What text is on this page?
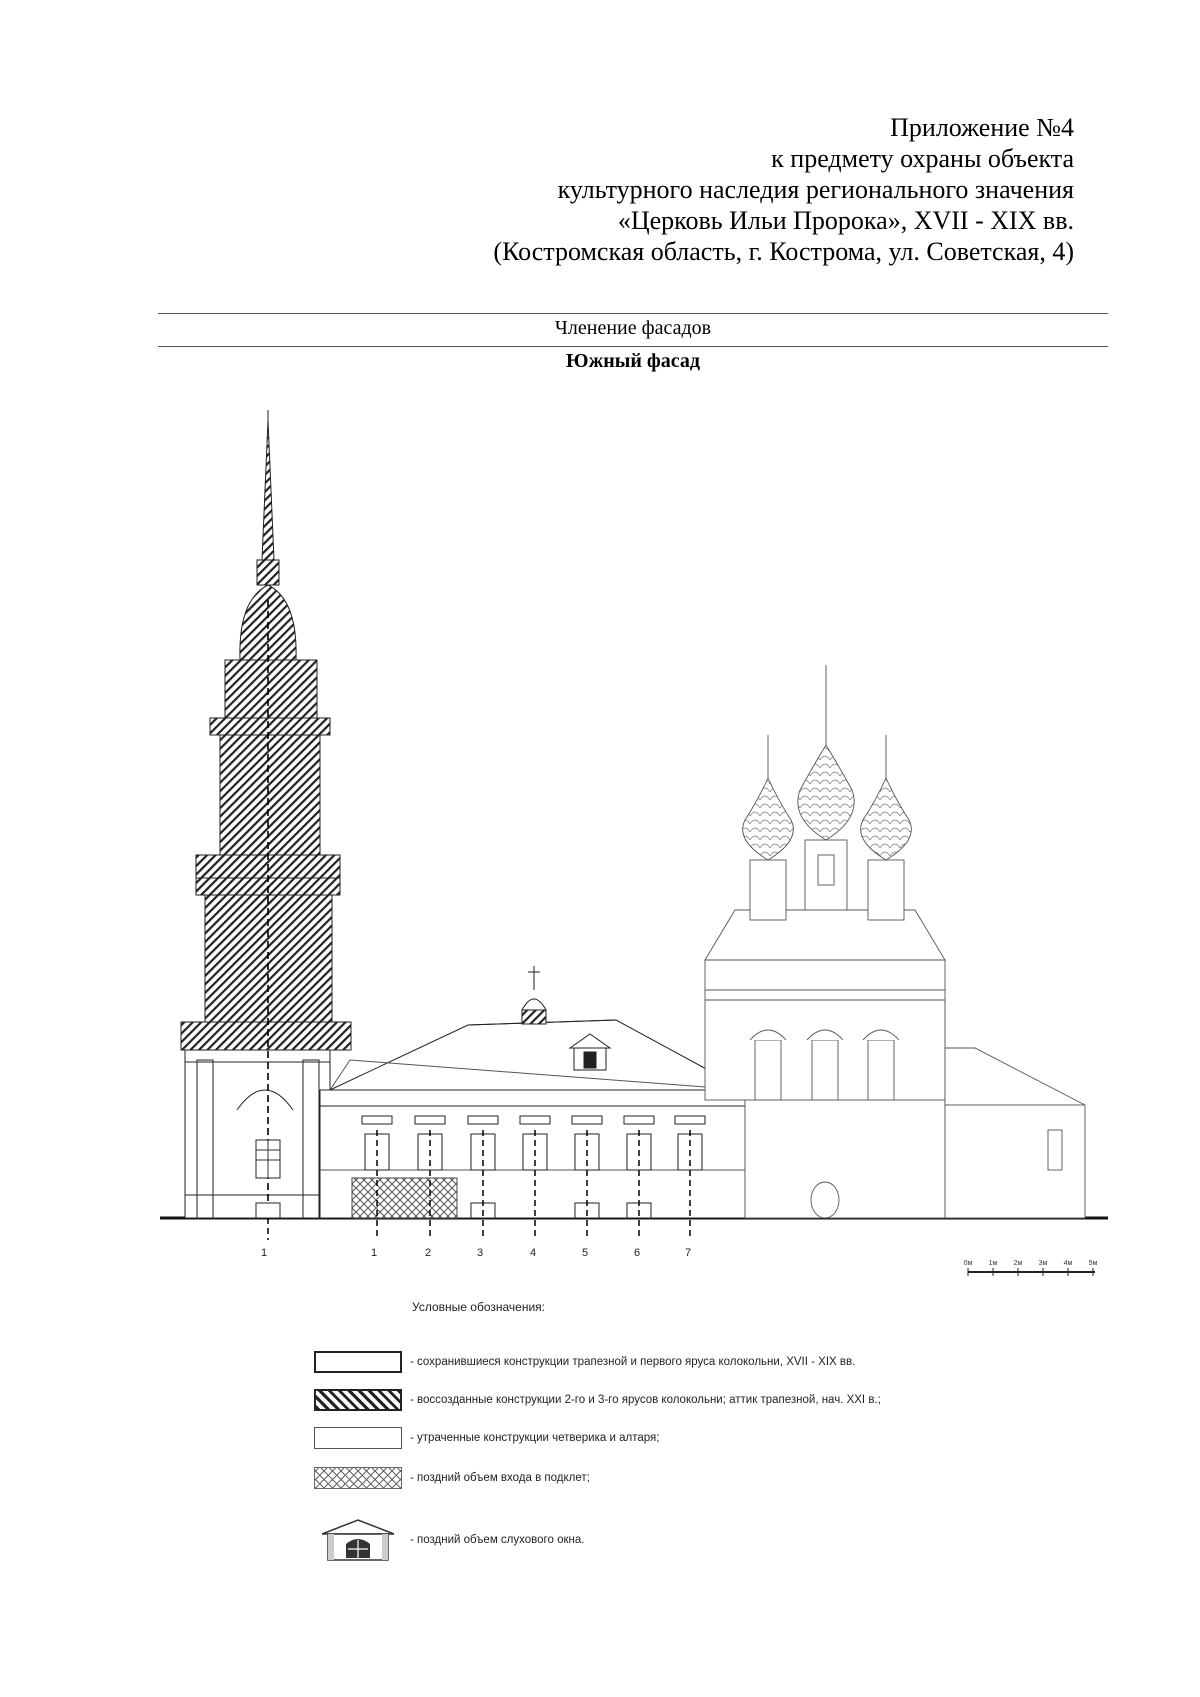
Приложение №4
к предмету охраны объекта
культурного наследия регионального значения
«Церковь Ильи Пророка», XVII - XIX вв.
(Костромская область, г. Кострома, ул. Советская, 4)
Членение фасадов
Южный фасад
1	1	2	3	4	5	6	7
0м 1м 2м 3м 4м 5м
Условные обозначения:
- сохранившиеся конструкции трапезной и первого яруса колокольни, XVII - XIX вв.
- воссозданные конструкции 2-го и 3-го ярусов колокольни; аттик трапезной, нач. XXI в.;
- утраченные конструкции четверика и алтаря;
- поздний объем входа в подклет;
- поздний объем слухового окна.
